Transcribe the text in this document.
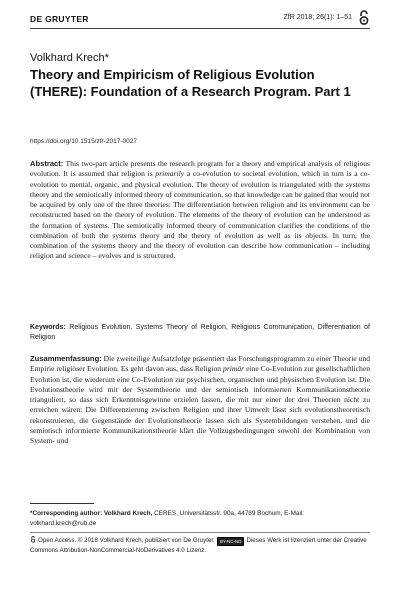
DE GRUYTER	ZfR 2018; 26(1): 1–51
Volkhard Krech*
Theory and Empiricism of Religious Evolution (THERE): Foundation of a Research Program. Part 1
https://doi.org/10.1515/zfr-2017-0027

Abstract: This two-part article presents the research program for a theory and empirical analysis of religious evolution. It is assumed that religion is primarily a co-evolution to societal evolution, which in turn is a co-evolution to mental, organic, and physical evolution. The theory of evolution is triangulated with the systems theory and the semiotically informed theory of communication, so that knowledge can be gained that would not be acquired by only one of the three theories: The differentiation between religion and its environment can be reconstructed based on the theory of evolution. The elements of the theory of evolution can be understood as the formation of systems. The semiotically informed theory of communication clarifies the conditions of the combination of both the systems theory and the theory of evolution as well as its objects. In turn, the combination of the systems theory and the theory of evolution can describe how communication – including religion and science – evolves and is structured.

Keywords: Religious Evolution, Systems Theory of Religion, Religious Communication, Differentiation of Religion

Zusammenfassung: Die zweiteilige Aufsatzfolge präsentiert das Forschungsprogramm zu einer Theorie und Empirie religiöser Evolution. Es geht davon aus, dass Religion primär eine Co-Evolution zur gesellschaftlichen Evolution ist, die wiederum eine Co-Evolution zur psychischen, organischen und physischen Evolution ist. Die Evolutionstheorie wird mit der Systemtheorie und der semiotisch informierten Kommunikationstheorie trianguliert, so dass sich Erkenntnisgewinne erzielen lassen, die mit nur einer der drei Theorien nicht zu erreichen wären: Die Differenzierung zwischen Religion und ihrer Umwelt lässt sich evolutionstheoretisch rekonstruieren, die Gegenstände der Evolutionstheorie lassen sich als Systembildungen verstehen, und die semiotisch informierte Kommunikationstheorie klärt die Vollzugsbedingungen sowohl der Kombination von System- und

*Corresponding author: Volkhard Krech, CERES, Universitätsstr. 90a, 44789 Bochum, E-Mail: volkhard.krech@rub.de
Open Access. © 2018 Volkhard Krech, publiziert von De Gruyter. BY-NC-ND Dieses Werk ist lizenziert unter der Creative Commons Attribution-NonCommercial-NoDerivatives 4.0 Lizenz.
